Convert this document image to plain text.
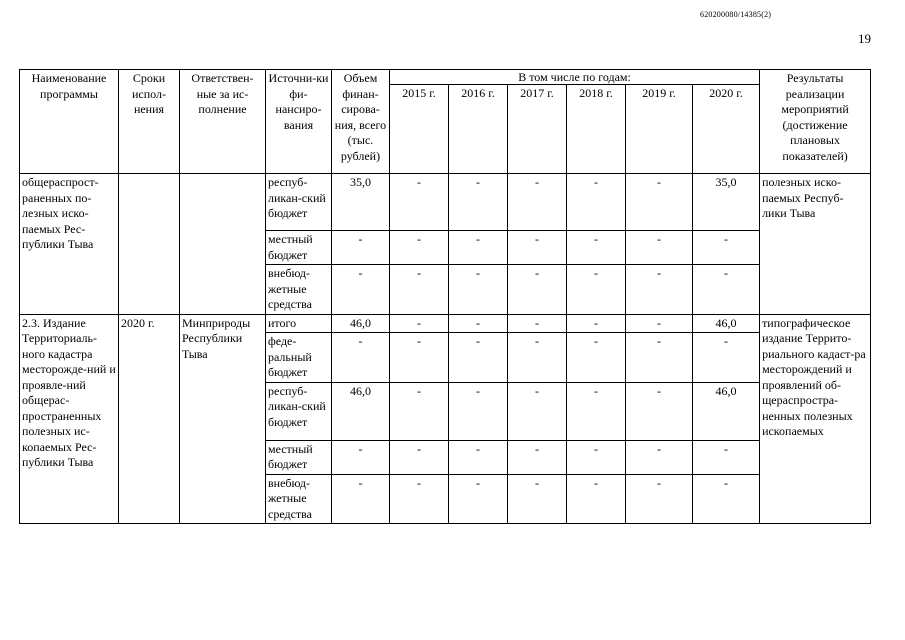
620200080/14385(2)
19
Наименование программы	Сроки испол-нения	Ответствен-ные за ис-полнение	Источни-ки фи-нансиро-вания	Объем финан-сирова-ния, всего (тыс. рублей)	В том числе по годам:						Результаты реализации мероприятий (достижение плановых показателей)
					2015 г.	2016 г.	2017 г.	2018 г.	2019 г.	2020 г.	
общераспрост-раненных по-лезных иско-паемых Рес-публики Тыва			респуб-ликан-ский бюджет	35,0	-	-	-	-	-	35,0	полезных иско-паемых Респуб-лики Тыва
			местный бюджет	-	-	-	-	-	-	-	
			внебюд-жетные средства	-	-	-	-	-	-	-	
2.3. Издание Территориаль-ного кадастра месторожде-ний и проявле-ний общерас-пространенных полезных ис-копаемых Рес-публики Тыва	2020 г.	Минприроды Республики Тыва	итого	46,0	-	-	-	-	-	46,0	типографическое издание Террито-риального кадаст-ра месторождений и проявлений об-щераспростра-ненных полезных ископаемых
			феде-ральный бюджет	-	-	-	-	-	-	-	
			респуб-ликан-ский бюджет	46,0	-	-	-	-	-	46,0	
			местный бюджет	-	-	-	-	-	-	-	
			внебюд-жетные средства	-	-	-	-	-	-	-	
